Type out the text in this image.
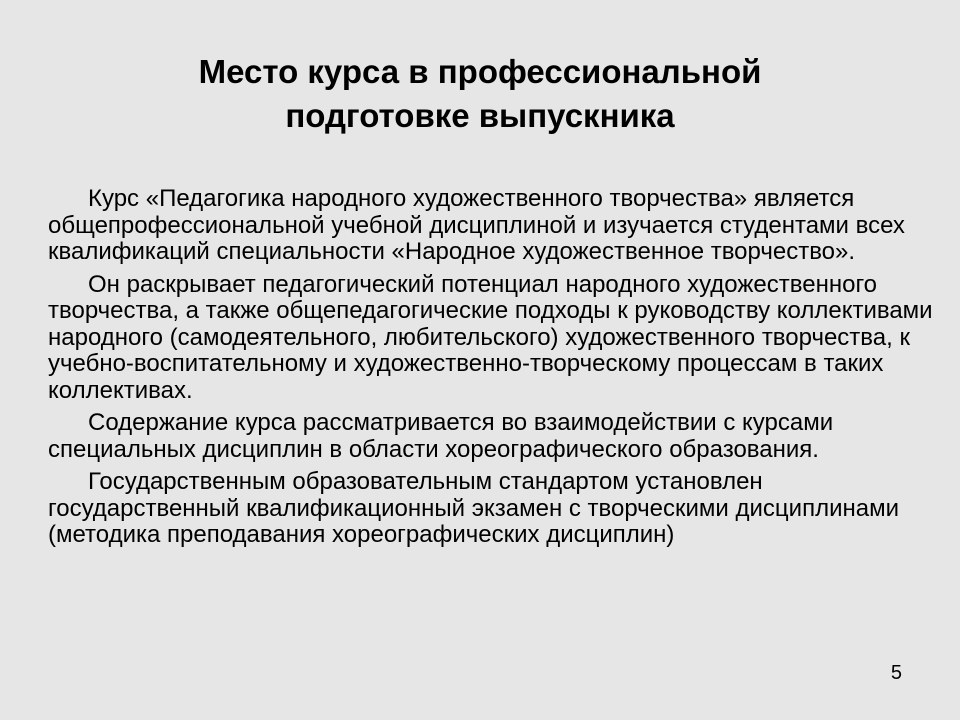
Место курса в профессиональной
подготовке выпускника

Курс «Педагогика народного художественного творчества» является общепрофессиональной учебной дисциплиной и изучается студентами всех квалификаций специальности «Народное художественное творчество».

Он раскрывает педагогический потенциал народного художественного творчества, а также общепедагогические подходы к руководству коллективами народного (самодеятельного, любительского) художественного творчества, к учебно-воспитательному и художественно-творческому процессам в таких коллективах.

Содержание курса рассматривается во взаимодействии с курсами специальных дисциплин в области хореографического образования.

Государственным образовательным стандартом установлен государственный квалификационный экзамен с творческими дисциплинами (методика преподавания хореографических дисциплин)

5
